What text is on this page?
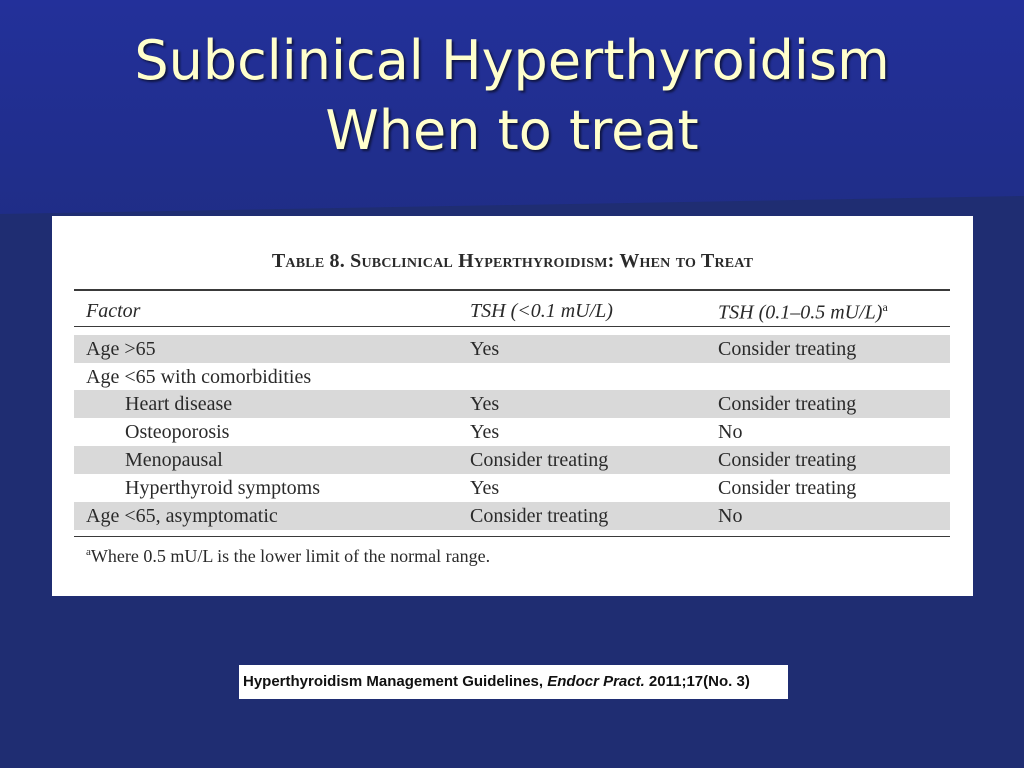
Subclinical Hyperthyroidism
When to treat
Table 8. Subclinical Hyperthyroidism: When to Treat
Factor	TSH (<0.1 mU/L)	TSH (0.1–0.5 mU/L)$^a$
Age >65	Yes	Consider treating
Age <65 with comorbidities
Heart disease	Yes	Consider treating
Osteoporosis	Yes	No
Menopausal	Consider treating	Consider treating
Hyperthyroid symptoms	Yes	Consider treating
Age <65, asymptomatic	Consider treating	No
$^a$Where 0.5 mU/L is the lower limit of the normal range.
Hyperthyroidism Management Guidelines, Endocr Pract. 2011;17(No. 3)
